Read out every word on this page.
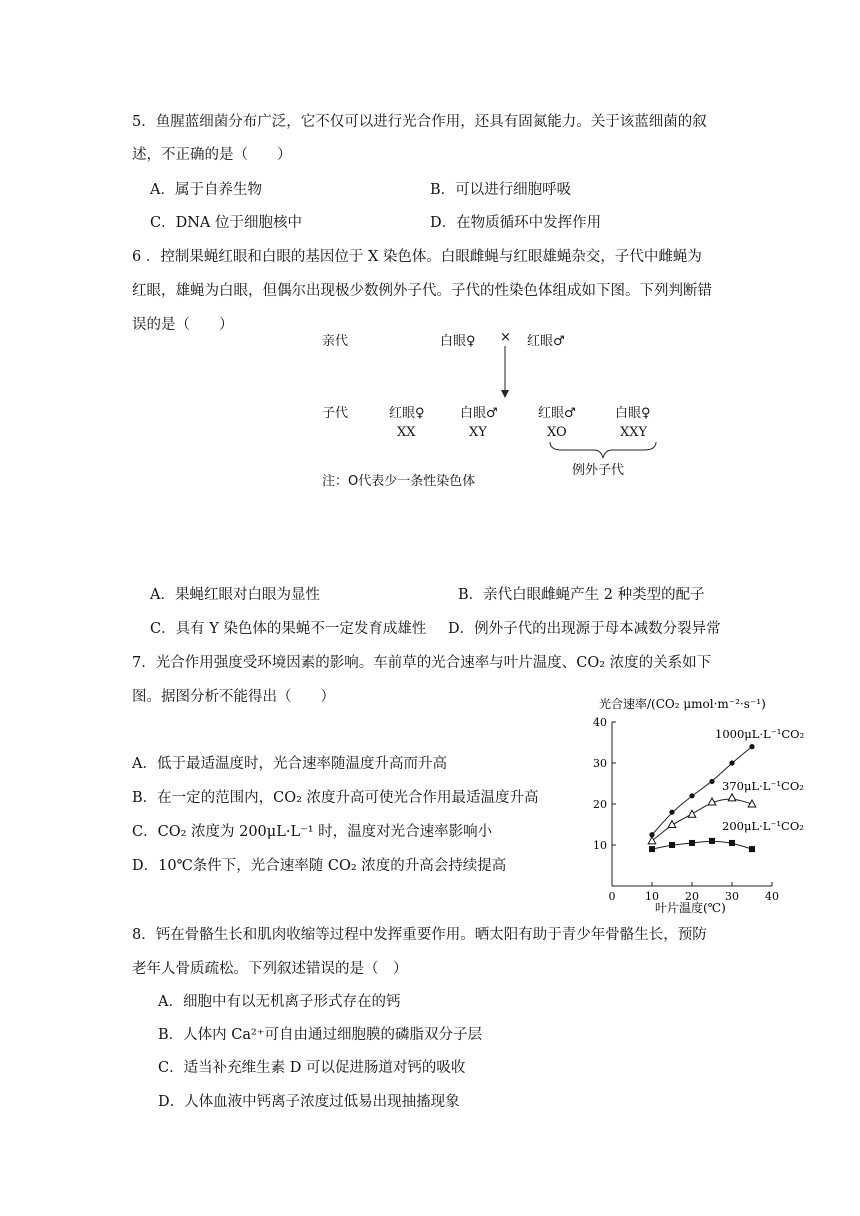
5．鱼腥蓝细菌分布广泛，它不仅可以进行光合作用，还具有固氮能力。关于该蓝细菌的叙
述，不正确的是（　　）
A．属于自养生物	B．可以进行细胞呼吸
C．DNA 位于细胞核中	D．在物质循环中发挥作用
6 ．控制果蝇红眼和白眼的基因位于 X 染色体。白眼雌蝇与红眼雄蝇杂交，子代中雌蝇为
红眼，雄蝇为白眼，但偶尔出现极少数例外子代。子代的性染色体组成如下图。下列判断错
误的是（　　）
亲代	白眼♀ × 红眼♂
子代	红眼♀	白眼♂	红眼♂	白眼♀
XX	XY	XO	XXY
例外子代
注：O代表少一条性染色体
A．果蝇红眼对白眼为显性	B．亲代白眼雌蝇产生 2 种类型的配子
C．具有 Y 染色体的果蝇不一定发育成雄性 D．例外子代的出现源于母本减数分裂异常
7．光合作用强度受环境因素的影响。车前草的光合速率与叶片温度、CO₂ 浓度的关系如下
图。据图分析不能得出（　　）
A．低于最适温度时，光合速率随温度升高而升高
B．在一定的范围内，CO₂ 浓度升高可使光合作用最适温度升高
C．CO₂ 浓度为 200μL·L⁻¹ 时，温度对光合速率影响小
D．10℃条件下，光合速率随 CO₂ 浓度的升高会持续提高
0	10 20 30 40
10
20
30
40
1000μL·L⁻¹CO₂
370μL·L⁻¹CO₂
200μL·L⁻¹CO₂
光合速率/(CO₂ μmol·m⁻²·s⁻¹)
叶片温度(℃)
8．钙在骨骼生长和肌肉收缩等过程中发挥重要作用。晒太阳有助于青少年骨骼生长，预防
老年人骨质疏松。下列叙述错误的是（　）
A．细胞中有以无机离子形式存在的钙
B．人体内 Ca²⁺可自由通过细胞膜的磷脂双分子层
C．适当补充维生素 D 可以促进肠道对钙的吸收
D．人体血液中钙离子浓度过低易出现抽搐现象
